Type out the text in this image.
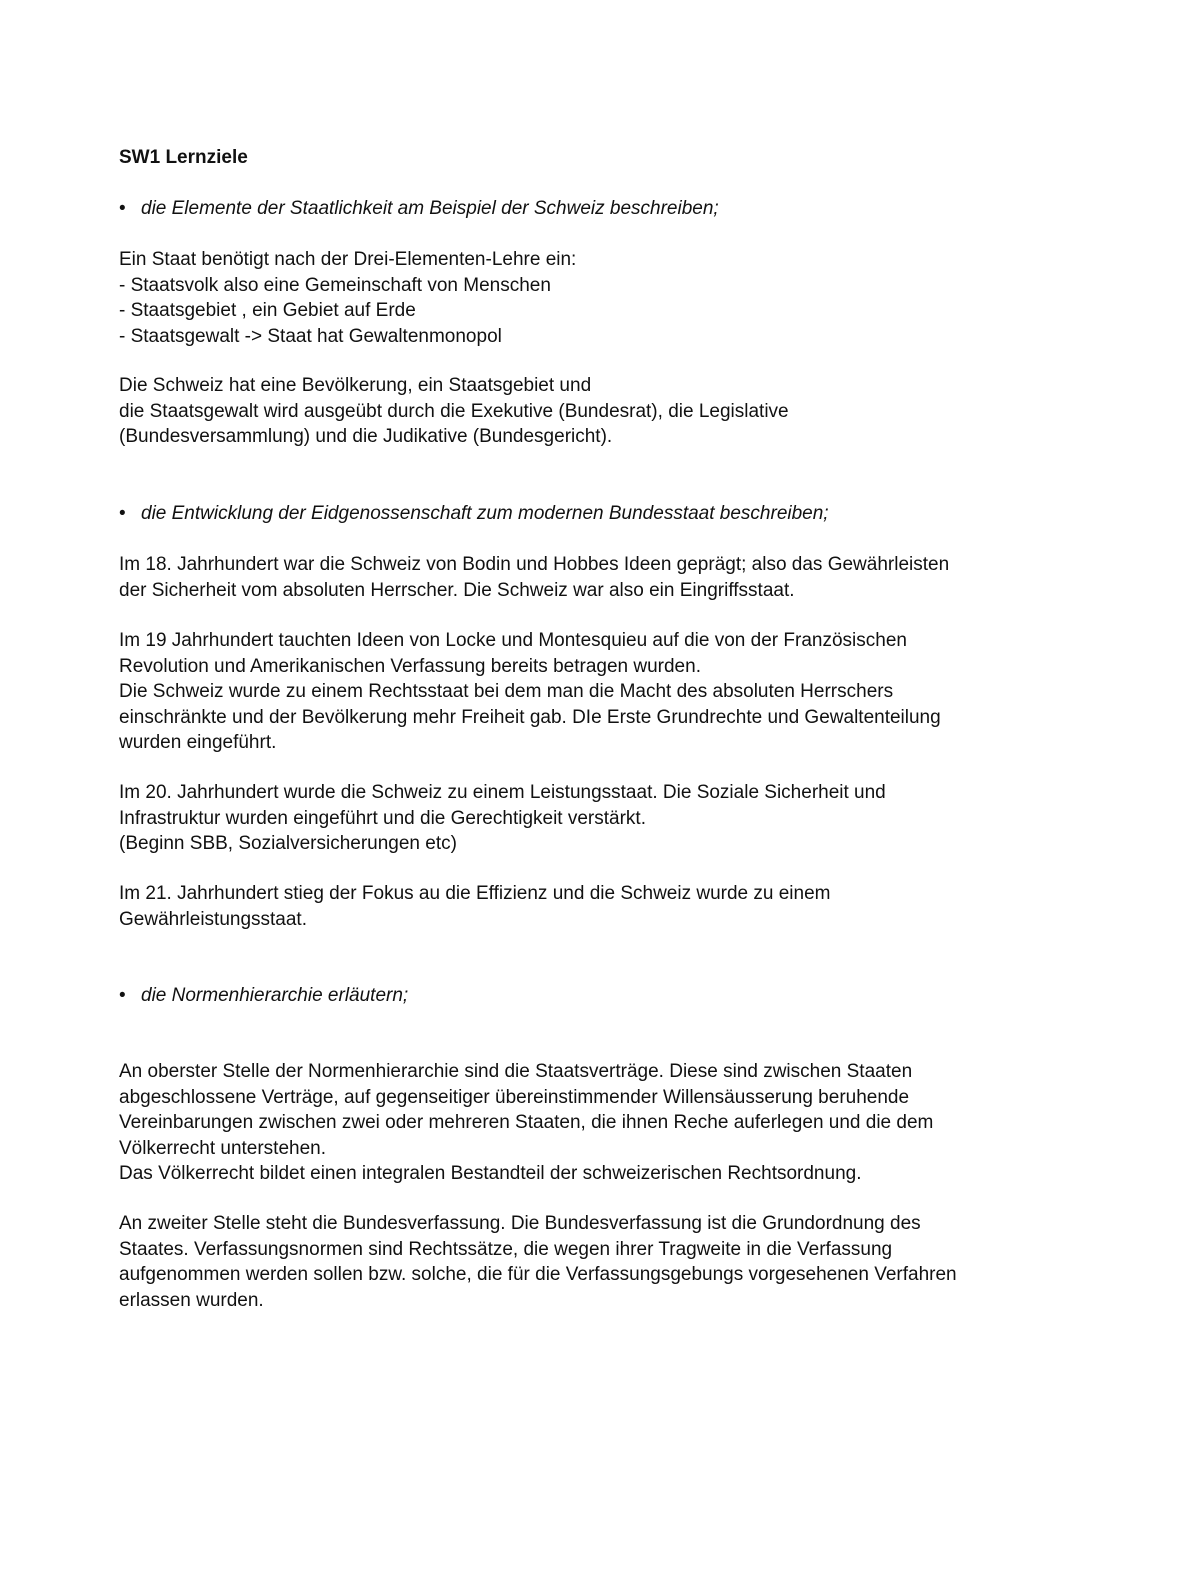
SW1 Lernziele

• die Elemente der Staatlichkeit am Beispiel der Schweiz beschreiben;

Ein Staat benötigt nach der Drei-Elementen-Lehre ein:
- Staatsvolk also eine Gemeinschaft von Menschen
- Staatsgebiet , ein Gebiet auf Erde
- Staatsgewalt -> Staat hat Gewaltenmonopol
Die Schweiz hat eine Bevölkerung, ein Staatsgebiet und
die Staatsgewalt wird ausgeübt durch die Exekutive (Bundesrat), die Legislative
(Bundesversammlung) und die Judikative (Bundesgericht).

• die Entwicklung der Eidgenossenschaft zum modernen Bundesstaat beschreiben;

Im 18. Jahrhundert war die Schweiz von Bodin und Hobbes Ideen geprägt; also das Gewährleisten
der Sicherheit vom absoluten Herrscher. Die Schweiz war also ein Eingriffsstaat.
Im 19 Jahrhundert tauchten Ideen von Locke und Montesquieu auf die von der Französischen
Revolution und Amerikanischen Verfassung bereits betragen wurden.
Die Schweiz wurde zu einem Rechtsstaat bei dem man die Macht des absoluten Herrschers
einschränkte und der Bevölkerung mehr Freiheit gab. DIe Erste Grundrechte und Gewaltenteilung
wurden eingeführt.
Im 20. Jahrhundert wurde die Schweiz zu einem Leistungsstaat. Die Soziale Sicherheit und
Infrastruktur wurden eingeführt und die Gerechtigkeit verstärkt.
(Beginn SBB, Sozialversicherungen etc)
Im 21. Jahrhundert stieg der Fokus au die Effizienz und die Schweiz wurde zu einem
Gewährleistungsstaat.

• die Normenhierarchie erläutern;

An oberster Stelle der Normenhierarchie sind die Staatsverträge. Diese sind zwischen Staaten
abgeschlossene Verträge, auf gegenseitiger übereinstimmender Willensäusserung beruhende
Vereinbarungen zwischen zwei oder mehreren Staaten, die ihnen Reche auferlegen und die dem
Völkerrecht unterstehen.
Das Völkerrecht bildet einen integralen Bestandteil der schweizerischen Rechtsordnung.
An zweiter Stelle steht die Bundesverfassung. Die Bundesverfassung ist die Grundordnung des
Staates. Verfassungsnormen sind Rechtssätze, die wegen ihrer Tragweite in die Verfassung
aufgenommen werden sollen bzw. solche, die für die Verfassungsgebungs vorgesehenen Verfahren
erlassen wurden.
